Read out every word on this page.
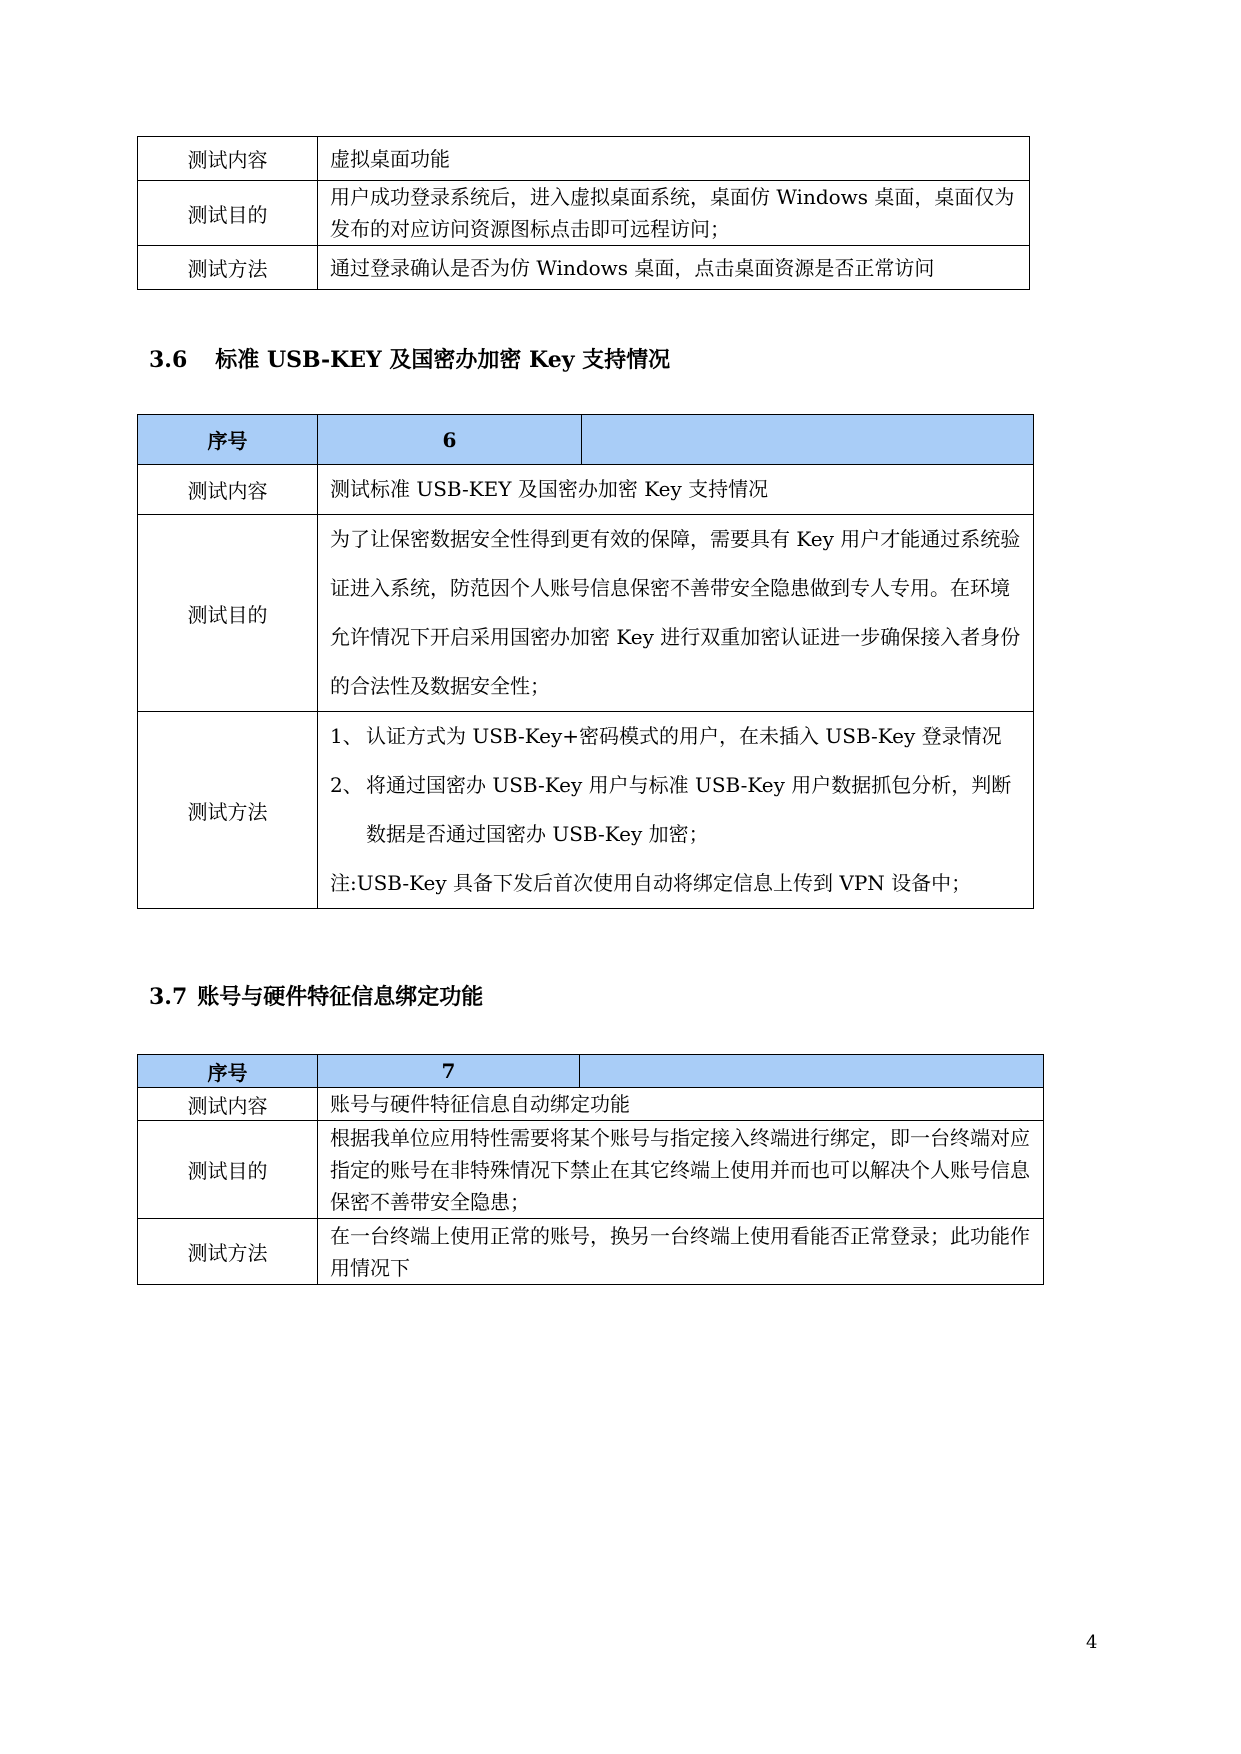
测试内容	虚拟桌面功能
测试目的	用户成功登录系统后，进入虚拟桌面系统，桌面仿 Windows 桌面，桌面仅为发布的对应访问资源图标点击即可远程访问；
测试方法	通过登录确认是否为仿 Windows 桌面，点击桌面资源是否正常访问
3.6 标准 USB-KEY 及国密办加密 Key 支持情况
序号	6	
测试内容	测试标准 USB-KEY 及国密办加密 Key 支持情况	
测试目的	为了让保密数据安全性得到更有效的保障，需要具有 Key 用户才能通过系统验证进入系统，防范因个人账号信息保密不善带安全隐患做到专人专用。在环境允许情况下开启采用国密办加密 Key 进行双重加密认证进一步确保接入者身份的合法性及数据安全性；	
测试方法	1、 认证方式为 USB-Key+密码模式的用户，在未插入 USB-Key 登录情况
2、 将通过国密办 USB-Key 用户与标准 USB-Key 用户数据抓包分析，判断数据是否通过国密办 USB-Key 加密；
注:USB-Key 具备下发后首次使用自动将绑定信息上传到 VPN 设备中；	
3.7 账号与硬件特征信息绑定功能
序号	7	
测试内容	账号与硬件特征信息自动绑定功能	
测试目的	根据我单位应用特性需要将某个账号与指定接入终端进行绑定，即一台终端对应指定的账号在非特殊情况下禁止在其它终端上使用并而也可以解决个人账号信息保密不善带安全隐患；	
测试方法	在一台终端上使用正常的账号，换另一台终端上使用看能否正常登录；此功能作用情况下	
4
